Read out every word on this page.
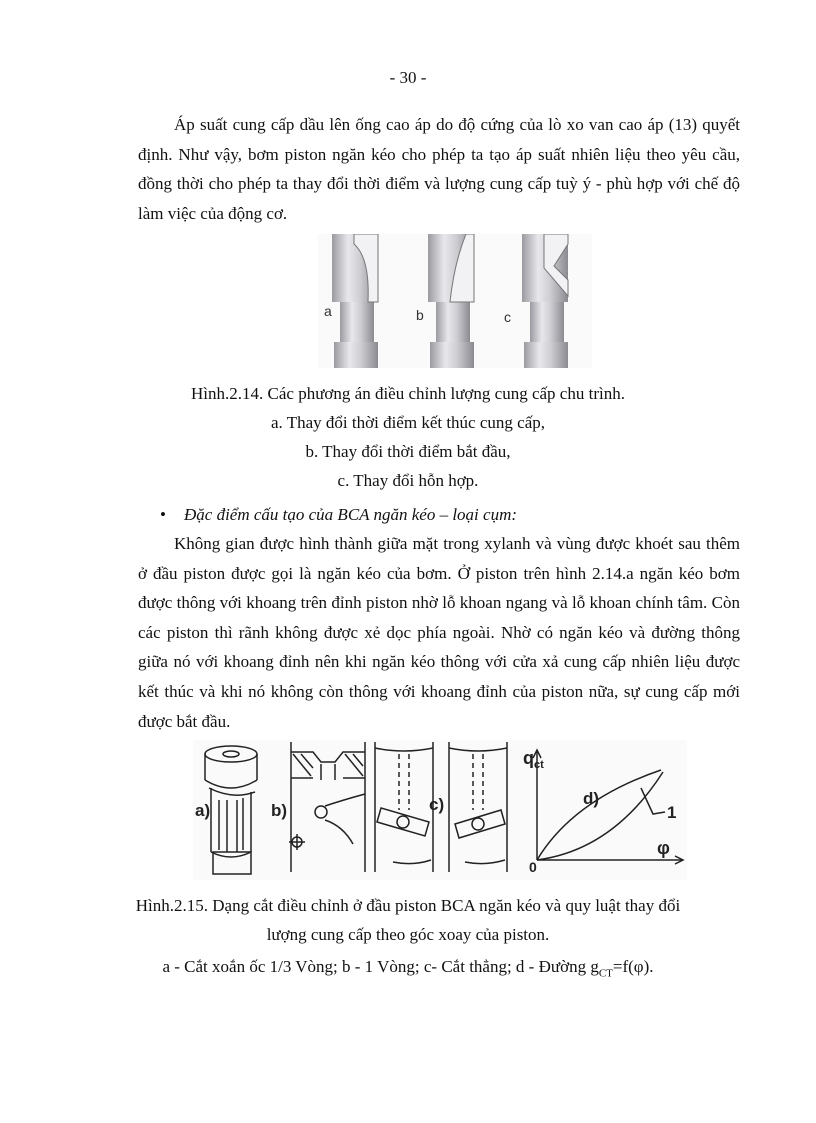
- 30 -

Áp suất cung cấp dầu lên ống cao áp do độ cứng của lò xo van cao áp (13) quyết định. Như vậy, bơm piston ngăn kéo cho phép ta tạo áp suất nhiên liệu theo yêu cầu, đồng thời cho phép ta thay đổi thời điểm và lượng cung cấp tuỳ ý - phù hợp với chế độ làm việc của động cơ.

a	b	c

Hình.2.14. Các phương án điều chỉnh lượng cung cấp chu trình.

a. Thay đổi thời điểm kết thúc cung cấp,

b. Thay đổi thời điểm bắt đầu,

c. Thay đổi hỗn hợp.

• Đặc điểm cấu tạo của BCA ngăn kéo – loại cụm:

Không gian được hình thành giữa mặt trong xylanh và vùng được khoét sau thêm ở đầu piston được gọi là ngăn kéo của bơm. Ở piston trên hình 2.14.a ngăn kéo bơm được thông với khoang trên đỉnh piston nhờ lỗ khoan ngang và lỗ khoan chính tâm. Còn các piston thì rãnh không được xẻ dọc phía ngoài. Nhờ có ngăn kéo và đường thông giữa nó với khoang đỉnh nên khi ngăn kéo thông với cửa xả cung cấp nhiên liệu được kết thúc và khi nó không còn thông với khoang đỉnh của piston nữa, sự cung cấp mới được bắt đầu.

a)	b)	c)
$q_{ct}$
0
d)
1
φ

Hình.2.15. Dạng cắt điều chỉnh ở đầu piston BCA ngăn kéo và quy luật thay đổi

lượng cung cấp theo góc xoay của piston.

a - Cắt xoắn ốc 1/3 Vòng; b - 1 Vòng; c- Cắt thẳng; d - Đường $g_{CT}=f(\varphi)$.
